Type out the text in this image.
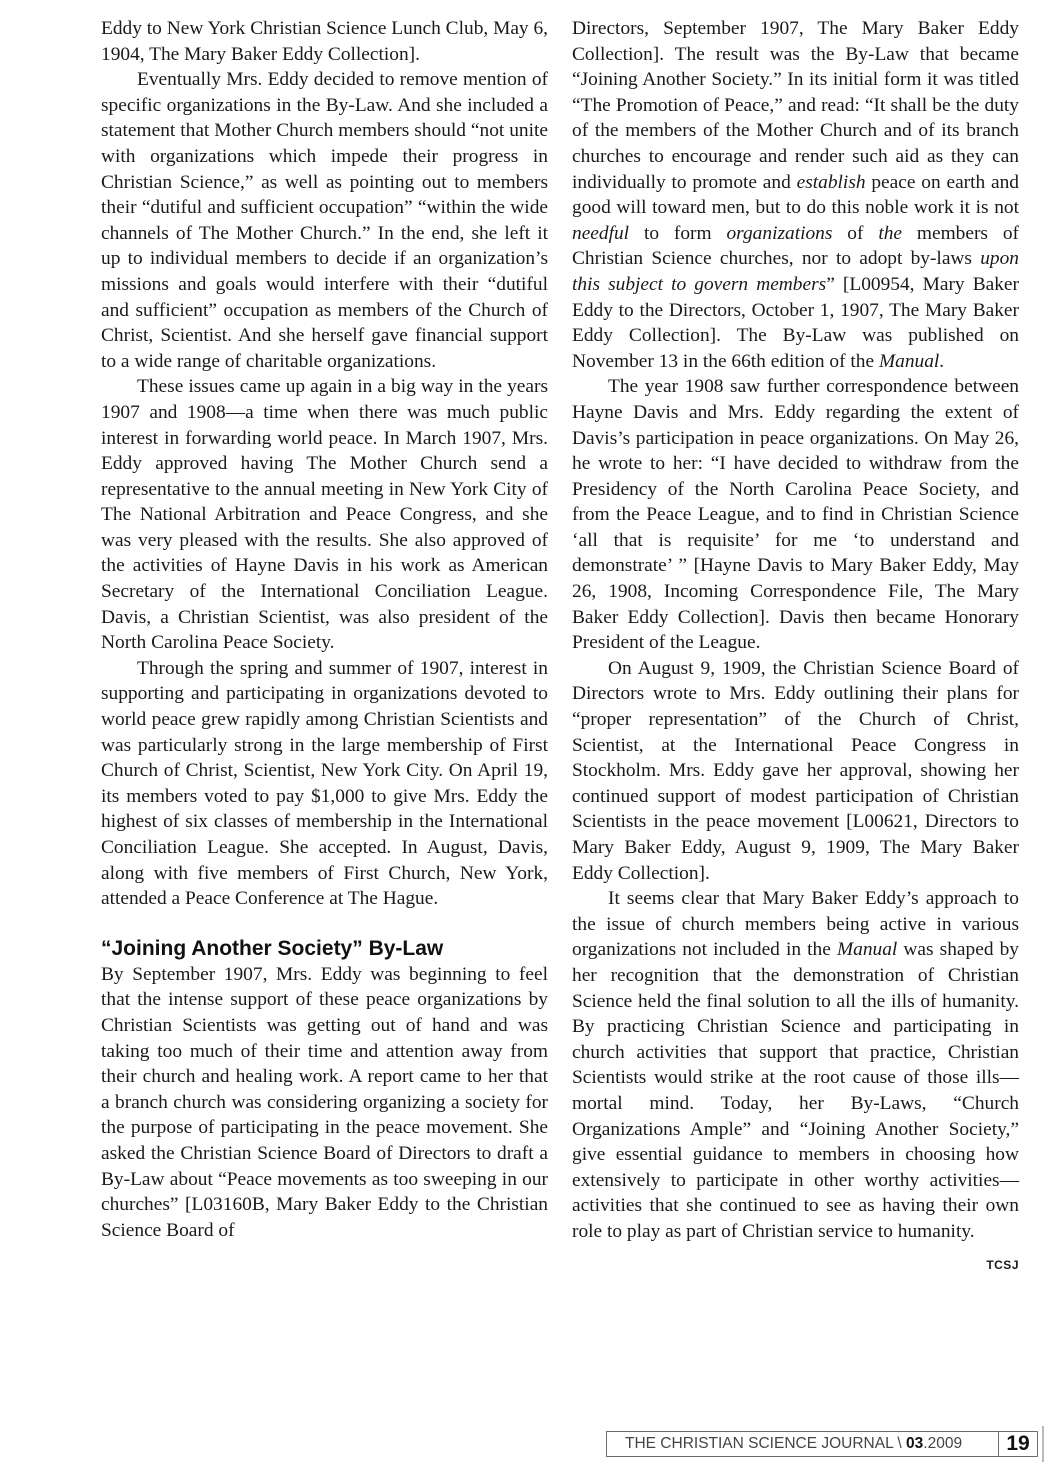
Eddy to New York Christian Science Lunch Club, May 6, 1904, The Mary Baker Eddy Collection].

Eventually Mrs. Eddy decided to remove mention of specific organizations in the By-Law. And she included a statement that Mother Church members should “not unite with organizations which impede their progress in Christian Science,” as well as pointing out to members their “dutiful and sufficient occupation” “within the wide channels of The Mother Church.” In the end, she left it up to individual members to decide if an organization’s missions and goals would interfere with their “dutiful and sufficient” occupation as members of the Church of Christ, Scientist. And she herself gave financial support to a wide range of charitable organizations.

These issues came up again in a big way in the years 1907 and 1908—a time when there was much public interest in forwarding world peace. In March 1907, Mrs. Eddy approved having The Mother Church send a representative to the annual meeting in New York City of The National Arbitration and Peace Congress, and she was very pleased with the results. She also approved of the activities of Hayne Davis in his work as American Secretary of the International Conciliation League. Davis, a Christian Scientist, was also president of the North Carolina Peace Society.

Through the spring and summer of 1907, interest in supporting and participating in organizations devoted to world peace grew rapidly among Christian Scientists and was particularly strong in the large membership of First Church of Christ, Scientist, New York City. On April 19, its members voted to pay $1,000 to give Mrs. Eddy the highest of six classes of membership in the International Conciliation League. She accepted. In August, Davis, along with five members of First Church, New York, attended a Peace Conference at The Hague.

“Joining Another Society” By-Law

By September 1907, Mrs. Eddy was beginning to feel that the intense support of these peace organizations by Christian Scientists was getting out of hand and was taking too much of their time and attention away from their church and healing work. A report came to her that a branch church was considering organizing a society for the purpose of participating in the peace movement. She asked the Christian Science Board of Directors to draft a By-Law about “Peace movements as too sweeping in our churches” [L03160B, Mary Baker Eddy to the Christian Science Board of

Directors, September 1907, The Mary Baker Eddy Collection]. The result was the By-Law that became “Joining Another Society.” In its initial form it was titled “The Promotion of Peace,” and read: “It shall be the duty of the members of the Mother Church and of its branch churches to encourage and render such aid as they can individually to promote and establish peace on earth and good will toward men, but to do this noble work it is not needful to form organizations of the members of Christian Science churches, nor to adopt by-laws upon this subject to govern members” [L00954, Mary Baker Eddy to the Directors, October 1, 1907, The Mary Baker Eddy Collection]. The By-Law was published on November 13 in the 66th edition of the Manual.

The year 1908 saw further correspondence between Hayne Davis and Mrs. Eddy regarding the extent of Davis’s participation in peace organizations. On May 26, he wrote to her: “I have decided to withdraw from the Presidency of the North Carolina Peace Society, and from the Peace League, and to find in Christian Science ‘all that is requisite’ for me ‘to understand and demonstrate’ ” [Hayne Davis to Mary Baker Eddy, May 26, 1908, Incoming Correspondence File, The Mary Baker Eddy Collection]. Davis then became Honorary President of the League.

On August 9, 1909, the Christian Science Board of Directors wrote to Mrs. Eddy outlining their plans for “proper representation” of the Church of Christ, Scientist, at the International Peace Congress in Stockholm. Mrs. Eddy gave her approval, showing her continued support of modest participation of Christian Scientists in the peace movement [L00621, Directors to Mary Baker Eddy, August 9, 1909, The Mary Baker Eddy Collection].

It seems clear that Mary Baker Eddy’s approach to the issue of church members being active in various organizations not included in the Manual was shaped by her recognition that the demonstration of Christian Science held the final solution to all the ills of humanity. By practicing Christian Science and participating in church activities that support that practice, Christian Scientists would strike at the root cause of those ills—mortal mind. Today, her By-Laws, “Church Organizations Ample” and “Joining Another Society,” give essential guidance to members in choosing how extensively to participate in other worthy activities—activities that she continued to see as having their own role to play as part of Christian service to humanity.
TCSJ

THE CHRISTIAN SCIENCE JOURNAL \ 03.2009	19
